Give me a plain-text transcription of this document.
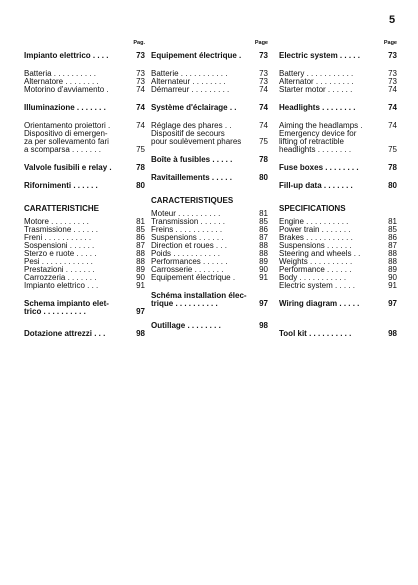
5
Pag.
Impianto elettrico . . . .	73
Batteria . . . . . . . . . .	73
Alternatore . . . . . . . .	73
Motorino d'avviamento .	74
Illuminazione . . . . . . .	74
Orientamento proiettori .	74
Dispositivo di emergen-
za per sollevamento fari
a scomparsa . . . . . . .	75
Valvole fusibili e relay .	78
Rifornimenti . . . . . .	80
CARATTERISTICHE
Motore . . . . . . . . .	81
Trasmissione . . . . . .	85
Freni . . . . . . . . . . .	86
Sospensioni . . . . . .	87
Sterzo e ruote . . . . .	88
Pesi . . . . . . . . . . . .	88
Prestazioni . . . . . . .	89
Carrozzeria . . . . . . .	90
Impianto elettrico . . .	91
Schema impianto elet-
trico . . . . . . . . . .	97
Dotazione attrezzi . . .	98
Page
Équipement électrique .	73
Batterie . . . . . . . . . . .	73
Alternateur . . . . . . . .	73
Démarreur . . . . . . . . .	74
Système d'éclairage . .	74
Réglage des phares . .	74
Dispositif de secours
pour soulèvement phares	75
Boîte à fusibles . . . . .	78
Ravitaillements . . . . .	80
CARACTERISTIQUES
Moteur . . . . . . . . . .	81
Transmission . . . . . .	85
Freins . . . . . . . . . . .	86
Suspensions . . . . . .	87
Direction et roues . . .	88
Poids . . . . . . . . . . .	88
Performances . . . . . .	89
Carrosserie . . . . . . .	90
Équipement électrique .	91
Schéma installation élec-
trique . . . . . . . . . .	97
Outillage . . . . . . . .	98
Page
Electric system . . . . .	73
Battery . . . . . . . . . . .	73
Alternator . . . . . . . . .	73
Starter motor . . . . . .	74
Headlights . . . . . . . .	74
Aiming the headlamps .	74
Emergency device for
lifting of retractible
headlights . . . . . . . .	75
Fuse boxes . . . . . . . .	78
Fill-up data . . . . . . .	80
SPECIFICATIONS
Engine . . . . . . . . . .	81
Power train . . . . . . .	85
Brakes . . . . . . . . . . .	86
Suspensions . . . . . .	87
Steering and wheels . .	88
Weights . . . . . . . . . .	88
Performance . . . . . .	89
Body . . . . . . . . . . .	90
Electric system . . . . .	91
Wiring diagram . . . . .	97
Tool kit . . . . . . . . . .	98
